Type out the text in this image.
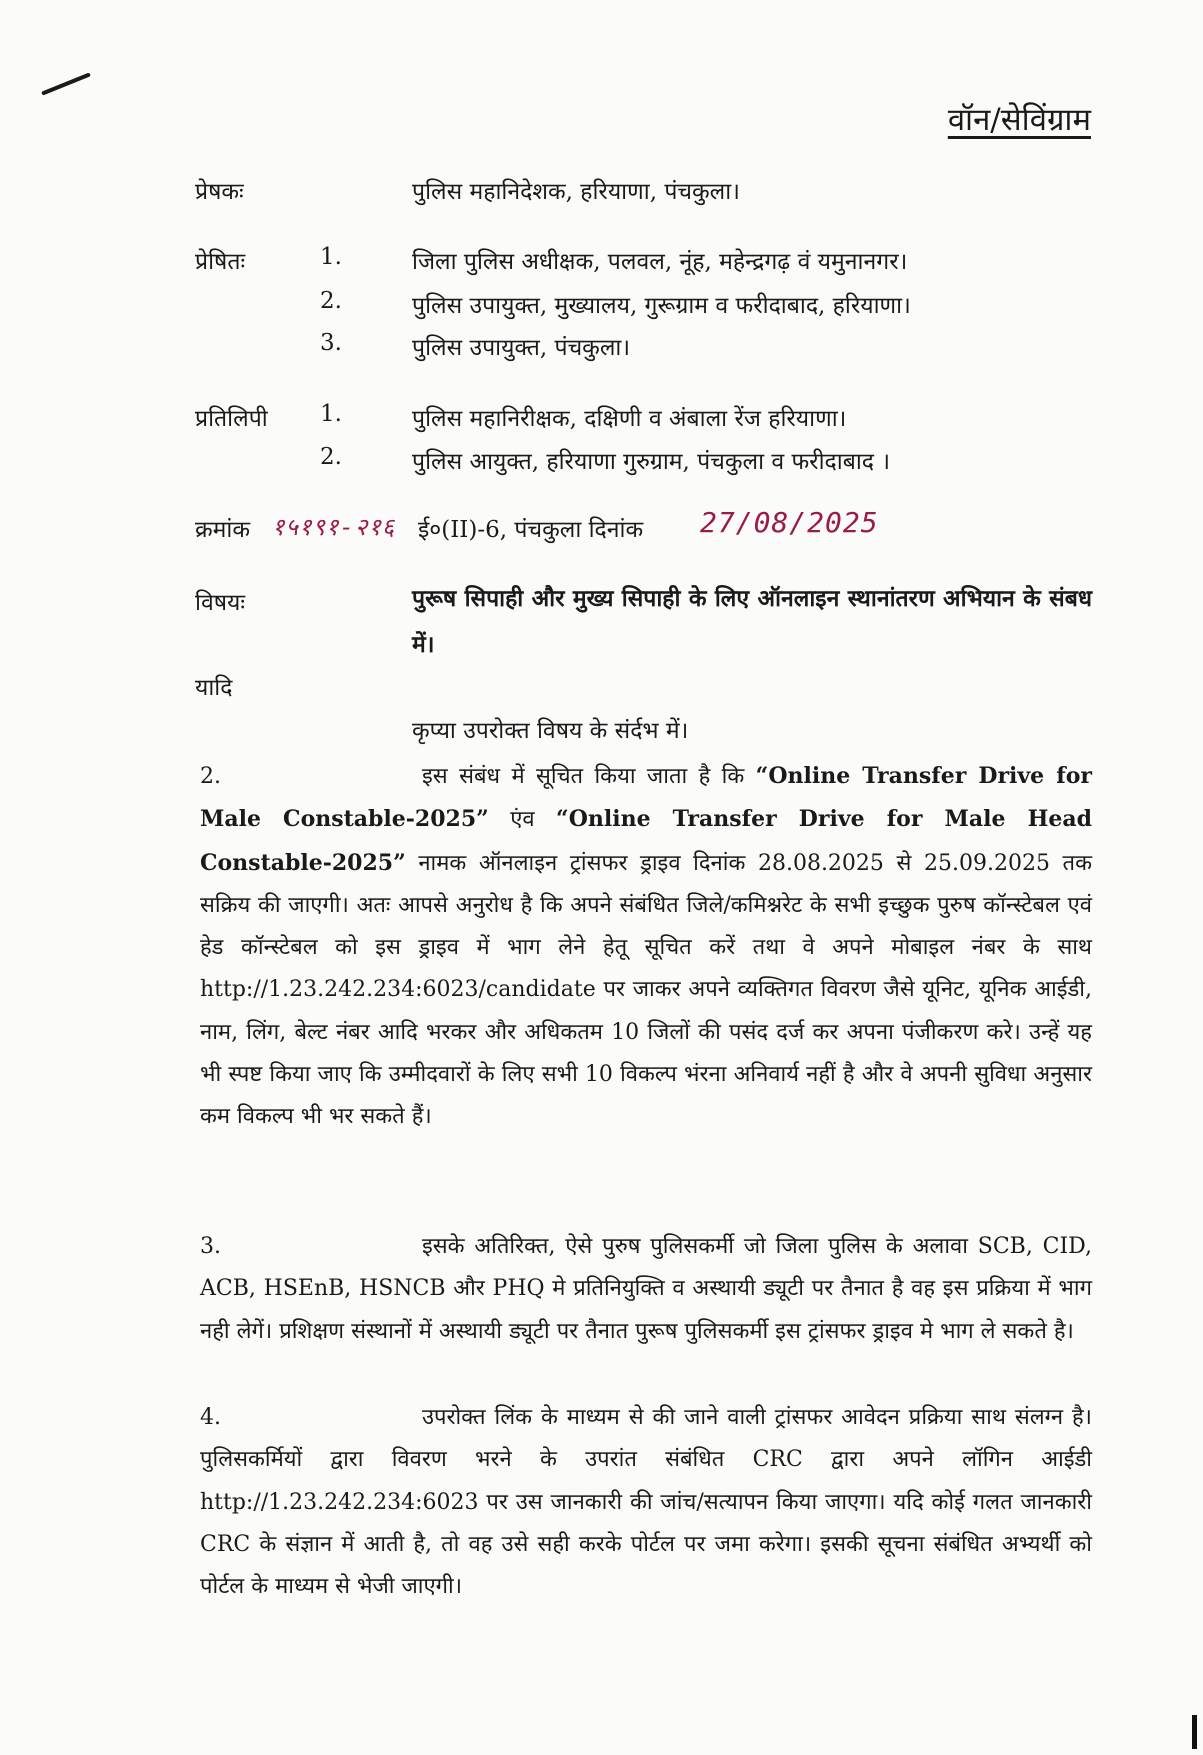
वॉन/सेविंग्राम
प्रेषकः	पुलिस महानिदेशक, हरियाणा, पंचकुला।
प्रेषितः	1.	जिला पुलिस अधीक्षक, पलवल, नूंह, महेन्द्रगढ़ वं यमुनानगर।
2.	पुलिस उपायुक्त, मुख्यालय, गुरूग्राम व फरीदाबाद, हरियाणा।
3.	पुलिस उपायुक्त, पंचकुला।
प्रतिलिपी 1.	पुलिस महानिरीक्षक, दक्षिणी व अंबाला रेंज हरियाणा।
2.	पुलिस आयुक्त, हरियाणा गुरुग्राम, पंचकुला व फरीदाबाद ।
क्रमांक १५१९१-२१६ ई०(II)-6, पंचकुला दिनांक 27/08/2025
विषयः	पुरूष सिपाही और मुख्य सिपाही के लिए ऑनलाइन स्थानांतरण अभियान के संबध में।
यादि
कृप्या उपरोक्त विषय के संर्दभ में।
2.	इस संबंध में सूचित किया जाता है कि “Online Transfer Drive for Male Constable-2025” एंव “Online Transfer Drive for Male Head Constable-2025” नामक ऑनलाइन ट्रांसफर ड्राइव दिनांक 28.08.2025 से 25.09.2025 तक सक्रिय की जाएगी। अतः आपसे अनुरोध है कि अपने संबंधित जिले/कमिश्नरेट के सभी इच्छुक पुरुष कॉन्स्टेबल एवं हेड कॉन्स्टेबल को इस ड्राइव में भाग लेने हेतू सूचित करें तथा वे अपने मोबाइल नंबर के साथ http://1.23.242.234:6023/candidate पर जाकर अपने व्यक्तिगत विवरण जैसे यूनिट, यूनिक आईडी, नाम, लिंग, बेल्ट नंबर आदि भरकर और अधिकतम 10 जिलों की पसंद दर्ज कर अपना पंजीकरण करे। उन्हें यह भी स्पष्ट किया जाए कि उम्मीदवारों के लिए सभी 10 विकल्प भंरना अनिवार्य नहीं है और वे अपनी सुविधा अनुसार कम विकल्प भी भर सकते हैं।
3.	इसके अतिरिक्त, ऐसे पुरुष पुलिसकर्मी जो जिला पुलिस के अलावा SCB, CID, ACB, HSEnB, HSNCB और PHQ मे प्रतिनियुक्ति व अस्थायी ड्यूटी पर तैनात है वह इस प्रक्रिया में भाग नही लेगें। प्रशिक्षण संस्थानों में अस्थायी ड्यूटी पर तैनात पुरूष पुलिसकर्मी इस ट्रांसफर ड्राइव मे भाग ले सकते है।
4.	उपरोक्त लिंक के माध्यम से की जाने वाली ट्रांसफर आवेदन प्रक्रिया साथ संलग्न है। पुलिसकर्मियों द्वारा विवरण भरने के उपरांत संबंधित CRC द्वारा अपने लॉगिन आईडी http://1.23.242.234:6023 पर उस जानकारी की जांच/सत्यापन किया जाएगा। यदि कोई गलत जानकारी CRC के संज्ञान में आती है, तो वह उसे सही करके पोर्टल पर जमा करेगा। इसकी सूचना संबंधित अभ्यर्थी को पोर्टल के माध्यम से भेजी जाएगी।
